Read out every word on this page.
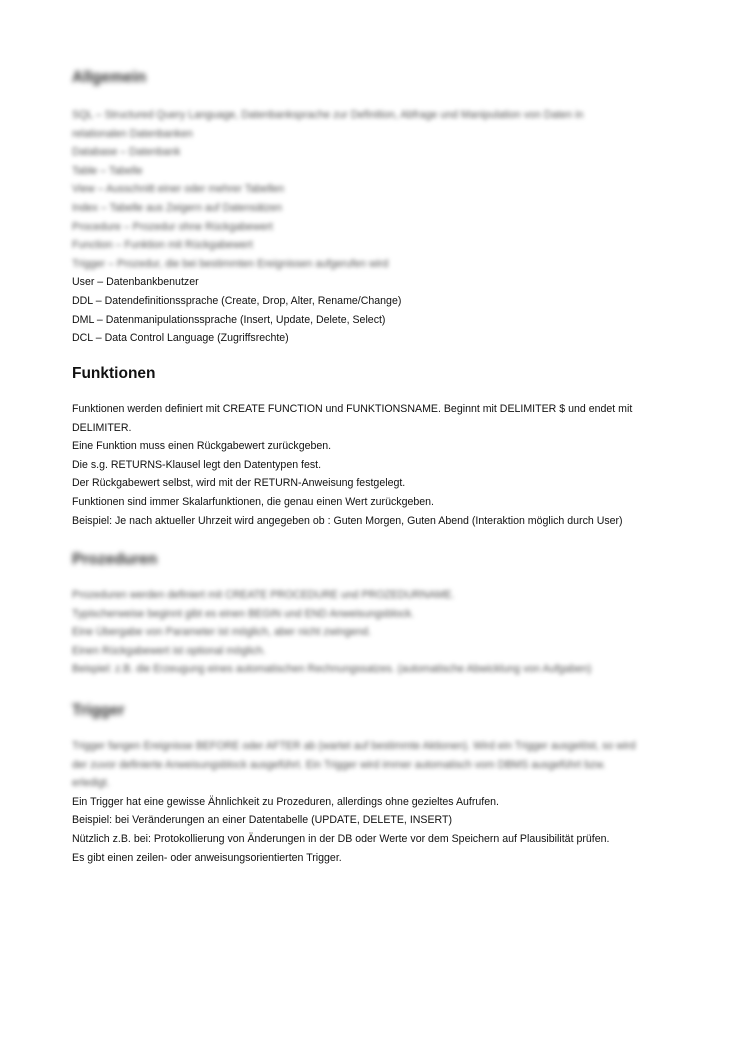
Allgemein
SQL – Structured Query Language, Datenbanksprache zur Definition, Abfrage und Manipulation von Daten in
relationalen Datenbanken
Database – Datenbank
Table – Tabelle
View – Ausschnitt einer oder mehrer Tabellen
Index – Tabelle aus Zeigern auf Datensätzen
Procedure – Prozedur ohne Rückgabewert
Function – Funktion mit Rückgabewert
Trigger – Prozedur, die bei bestimmten Ereignissen aufgerufen wird
User – Datenbankbenutzer
DDL – Datendefinitionssprache (Create, Drop, Alter, Rename/Change)
DML – Datenmanipulationssprache (Insert, Update, Delete, Select)
DCL – Data Control Language (Zugriffsrechte)
Funktionen
Funktionen werden definiert mit CREATE FUNCTION und FUNKTIONSNAME. Beginnt mit DELIMITER $ und endet mit
DELIMITER.
Eine Funktion muss einen Rückgabewert zurückgeben.
Die s.g. RETURNS-Klausel legt den Datentypen fest.
Der Rückgabewert selbst, wird mit der RETURN-Anweisung festgelegt.
Funktionen sind immer Skalarfunktionen, die genau einen Wert zurückgeben.
Beispiel: Je nach aktueller Uhrzeit wird angegeben ob : Guten Morgen, Guten Abend (Interaktion möglich durch User)
Prozeduren
Prozeduren werden definiert mit CREATE PROCEDURE und PROZEDURNAME.
Typischerweise beginnt gibt es einen BEGIN und END Anweisungsblock.
Eine Übergabe von Parameter ist möglich, aber nicht zwingend.
Einen Rückgabewert ist optional möglich.
Beispiel: z.B. die Erzeugung eines automatischen Rechnungssatzes. (automatische Abwicklung von Aufgaben)
Trigger
Trigger fangen Ereignisse BEFORE oder AFTER ab (wartet auf bestimmte Aktionen). Wird ein Trigger ausgelöst, so wird
der zuvor definierte Anweisungsblock ausgeführt. Ein Trigger wird immer automatisch vom DBMS ausgeführt bzw.
erledigt.
Ein Trigger hat eine gewisse Ähnlichkeit zu Prozeduren, allerdings ohne gezieltes Aufrufen.
Beispiel: bei Veränderungen an einer Datentabelle (UPDATE, DELETE, INSERT)
Nützlich z.B. bei: Protokollierung von Änderungen in der DB oder Werte vor dem Speichern auf Plausibilität prüfen.
Es gibt einen zeilen- oder anweisungsorientierten Trigger.
